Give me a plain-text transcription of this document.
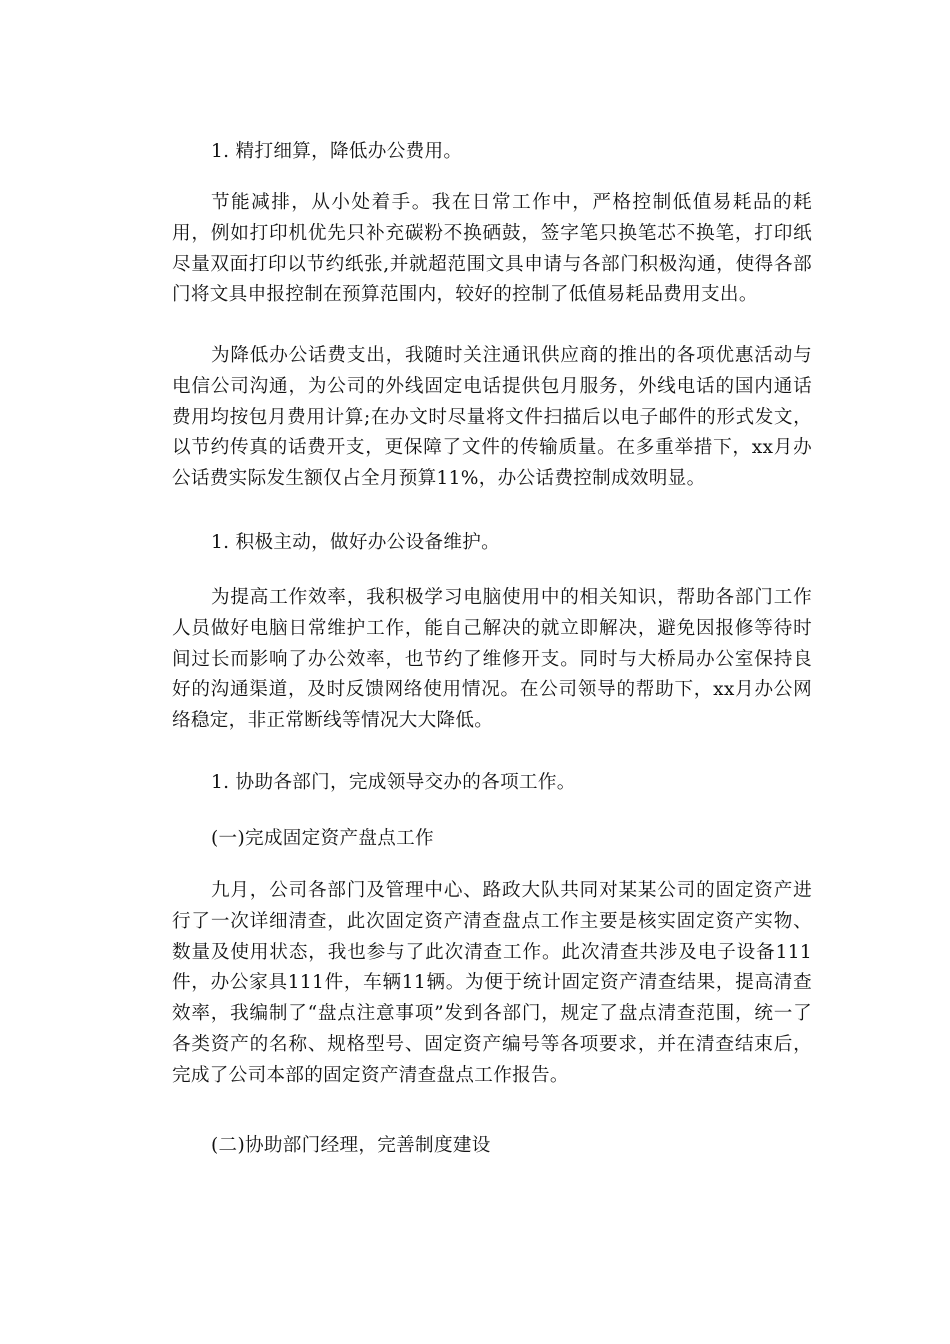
1. 精打细算，降低办公费用。

节能减排，从小处着手。我在日常工作中，严格控制低值易耗品的耗用，例如打印机优先只补充碳粉不换硒鼓，签字笔只换笔芯不换笔，打印纸尽量双面打印以节约纸张,并就超范围文具申请与各部门积极沟通，使得各部门将文具申报控制在预算范围内，较好的控制了低值易耗品费用支出。

为降低办公话费支出，我随时关注通讯供应商的推出的各项优惠活动与电信公司沟通，为公司的外线固定电话提供包月服务，外线电话的国内通话费用均按包月费用计算;在办文时尽量将文件扫描后以电子邮件的形式发文，以节约传真的话费开支，更保障了文件的传输质量。在多重举措下，xx月办公话费实际发生额仅占全月预算11%，办公话费控制成效明显。

1. 积极主动，做好办公设备维护。

为提高工作效率，我积极学习电脑使用中的相关知识，帮助各部门工作人员做好电脑日常维护工作，能自己解决的就立即解决，避免因报修等待时间过长而影响了办公效率，也节约了维修开支。同时与大桥局办公室保持良好的沟通渠道，及时反馈网络使用情况。在公司领导的帮助下，xx月办公网络稳定，非正常断线等情况大大降低。

1. 协助各部门，完成领导交办的各项工作。

(一)完成固定资产盘点工作

九月，公司各部门及管理中心、路政大队共同对某某公司的固定资产进行了一次详细清查，此次固定资产清查盘点工作主要是核实固定资产实物、数量及使用状态，我也参与了此次清查工作。此次清查共涉及电子设备111件，办公家具111件，车辆11辆。为便于统计固定资产清查结果，提高清查效率，我编制了“盘点注意事项”发到各部门，规定了盘点清查范围，统一了各类资产的名称、规格型号、固定资产编号等各项要求，并在清查结束后，完成了公司本部的固定资产清查盘点工作报告。

(二)协助部门经理，完善制度建设
